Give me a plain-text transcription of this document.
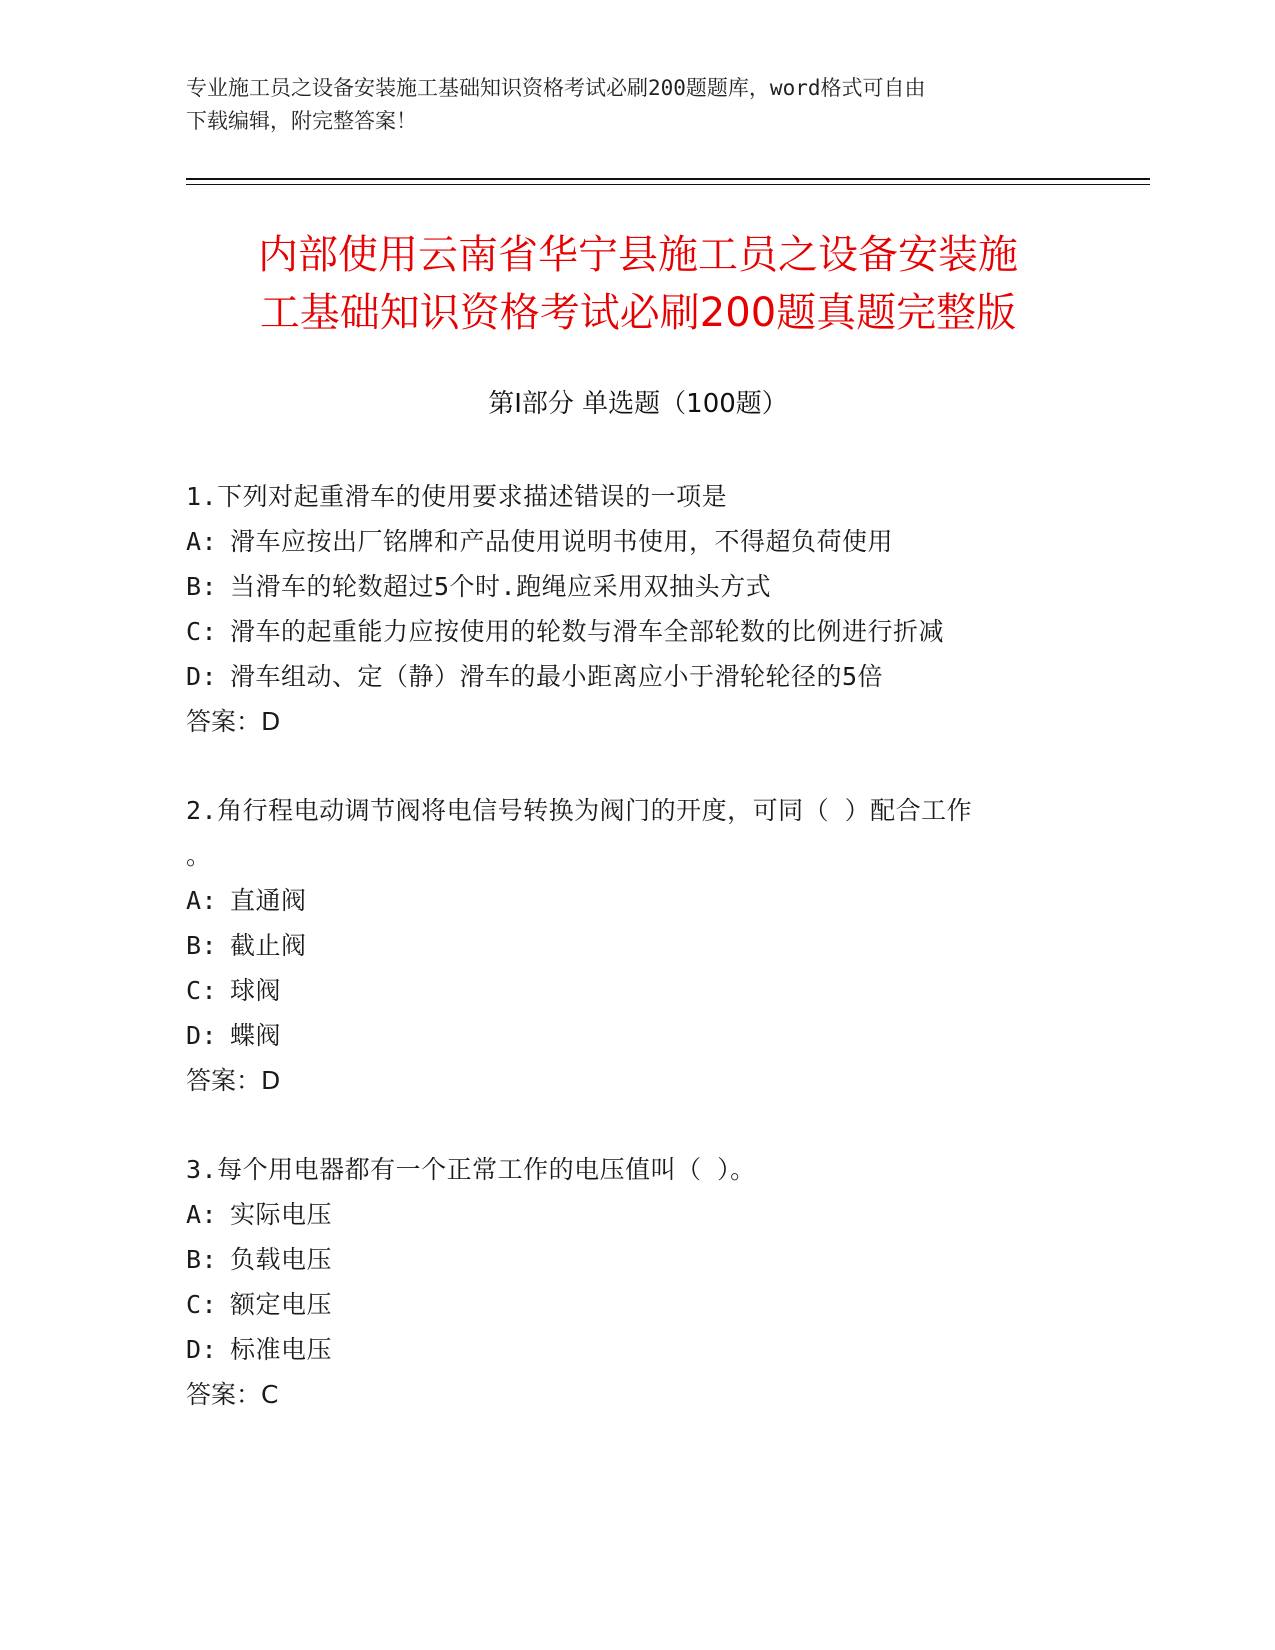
专业施工员之设备安装施工基础知识资格考试必刷200题题库，word格式可自由
下载编辑，附完整答案！
内部使用云南省华宁县施工员之设备安装施
工基础知识资格考试必刷200题真题完整版
第Ⅰ部分 单选题（100题）

1.下列对起重滑车的使用要求描述错误的一项是

A: 滑车应按出厂铭牌和产品使用说明书使用，不得超负荷使用

B: 当滑车的轮数超过5个时.跑绳应采用双抽头方式

C: 滑车的起重能力应按使用的轮数与滑车全部轮数的比例进行折减

D: 滑车组动、定（静）滑车的最小距离应小于滑轮轮径的5倍

答案：D

2.角行程电动调节阀将电信号转换为阀门的开度，可同（ ）配合工作

。

A: 直通阀

B: 截止阀

C: 球阀

D: 蝶阀

答案：D

3.每个用电器都有一个正常工作的电压值叫（ ）。

A: 实际电压

B: 负载电压

C: 额定电压

D: 标准电压

答案：C
